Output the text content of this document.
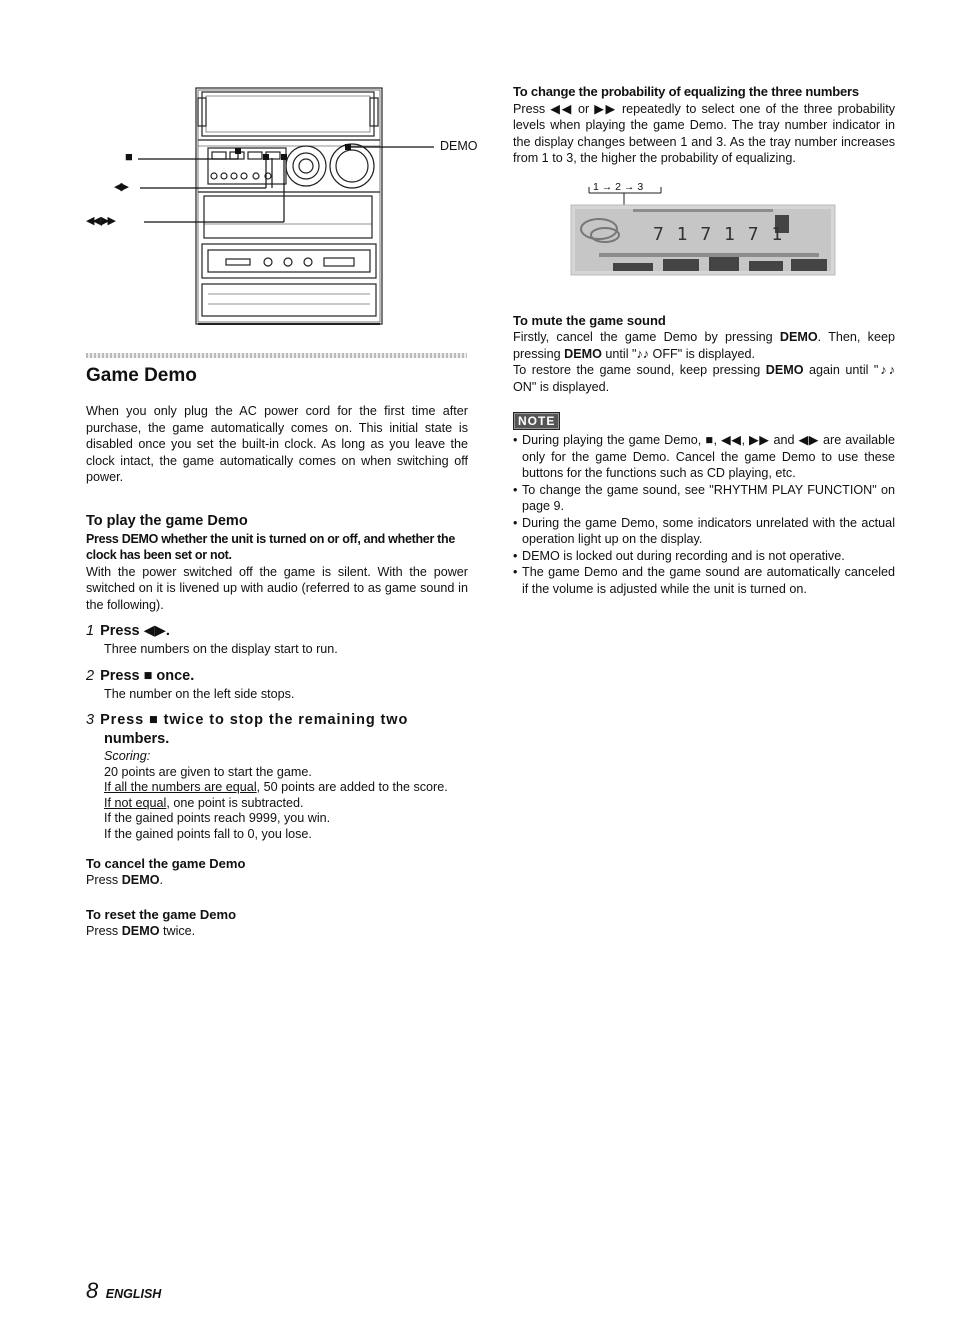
DEMO
■
◀▶
◀◀ ,▶▶
Game Demo

When you only plug the AC power cord for the first time after purchase, the game automatically comes on. This initial state is disabled once you set the built-in clock. As long as you leave the clock intact, the game automatically comes on when switching off power.

To play the game Demo

Press DEMO whether the unit is turned on or off, and whether the clock has been set or not.

With the power switched off the game is silent. With the power switched on it is livened up with audio (referred to as game sound in the following).

1 Press ◀▶.

Three numbers on the display start to run.

2 Press ■ once.

The number on the left side stops.

3 Press ■ twice to stop the remaining two
numbers.

Scoring:

20 points are given to start the game.

If all the numbers are equal, 50 points are added to the score.

If not equal, one point is subtracted.

If the gained points reach 9999, you win.

If the gained points fall to 0, you lose.

To cancel the game Demo

Press DEMO.

To reset the game Demo

Press DEMO twice.

To change the probability of equalizing the three numbers

Press ◀◀ or ▶▶ repeatedly to select one of the three probability levels when playing the game Demo. The tray number indicator in the display changes between 1 and 3. As the tray number increases from 1 to 3, the higher the probability of equalizing.

1 → 2 → 3
7 1 7 1 7 1
To mute the game sound

Firstly, cancel the game Demo by pressing DEMO. Then, keep pressing DEMO until "♪♪ OFF" is displayed.

To restore the game sound, keep pressing DEMO again until "♪♪ ON" is displayed.

NOTE

• During playing the game Demo, ■, ◀◀, ▶▶ and ◀▶ are available only for the game Demo. Cancel the game Demo to use these buttons for the functions such as CD playing, etc.

• To change the game sound, see "RHYTHM PLAY FUNCTION" on page 9.

• During the game Demo, some indicators unrelated with the actual operation light up on the display.

• DEMO is locked out during recording and is not operative.

• The game Demo and the game sound are automatically canceled if the volume is adjusted while the unit is turned on.

8 ENGLISH
